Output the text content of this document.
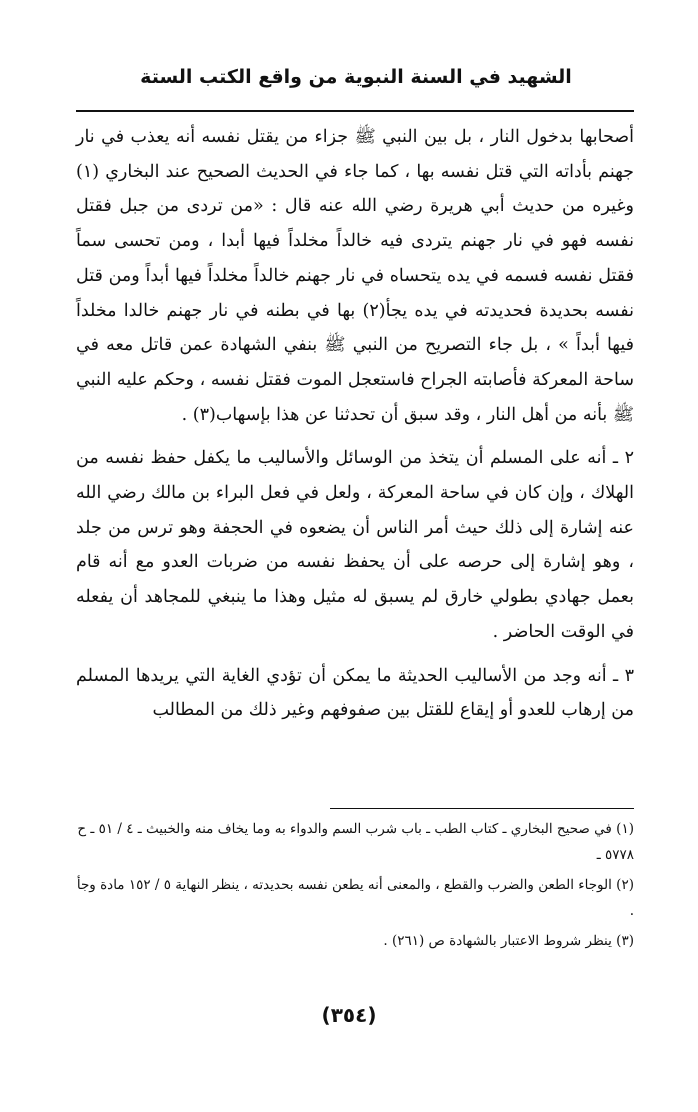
الشهيد في السنة النبوية من واقع الكتب الستة

أصحابها بدخول النار ، بل بين النبي ﷺ جزاء من يقتل نفسه أنه يعذب في نار جهنم بأداته التي قتل نفسه بها ، كما جاء في الحديث الصحيح عند البخاري (١) وغيره من حديث أبي هريرة رضي الله عنه قال : «من تردى من جبل فقتل نفسه فهو في نار جهنم يتردى فيه خالداً مخلداً فيها أبدا ، ومن تحسى سماً فقتل نفسه فسمه في يده يتحساه في نار جهنم خالداً مخلداً فيها أبداً ومن قتل نفسه بحديدة فحديدته في يده يجأ(٢) بها في بطنه في نار جهنم خالدا مخلداً فيها أبداً » ، بل جاء التصريح من النبي ﷺ بنفي الشهادة عمن قاتل معه في ساحة المعركة فأصابته الجراح فاستعجل الموت فقتل نفسه ، وحكم عليه النبي ﷺ بأنه من أهل النار ، وقد سبق أن تحدثنا عن هذا بإسهاب(٣) .

٢ ـ أنه على المسلم أن يتخذ من الوسائل والأساليب ما يكفل حفظ نفسه من الهلاك ، وإن كان في ساحة المعركة ، ولعل في فعل البراء بن مالك رضي الله عنه إشارة إلى ذلك حيث أمر الناس أن يضعوه في الحجفة وهو ترس من جلد ، وهو إشارة إلى حرصه على أن يحفظ نفسه من ضربات العدو مع أنه قام بعمل جهادي بطولي خارق لم يسبق له مثيل وهذا ما ينبغي للمجاهد أن يفعله في الوقت الحاضر .

٣ ـ أنه وجد من الأساليب الحديثة ما يمكن أن تؤدي الغاية التي يريدها المسلم من إرهاب للعدو أو إيقاع للقتل بين صفوفهم وغير ذلك من المطالب

(١) في صحيح البخاري ـ كتاب الطب ـ باب شرب السم والدواء به وما يخاف منه والخبيث ـ ٤ / ٥١ ـ ح ٥٧٧٨ ـ

(٢) الوجاء الطعن والضرب والقطع ، والمعنى أنه يطعن نفسه بحديدته ، ينظر النهاية ٥ / ١٥٢ مادة وجأ .

(٣) ينظر شروط الاعتبار بالشهادة ص (٢٦١) .

(٣٥٤)
